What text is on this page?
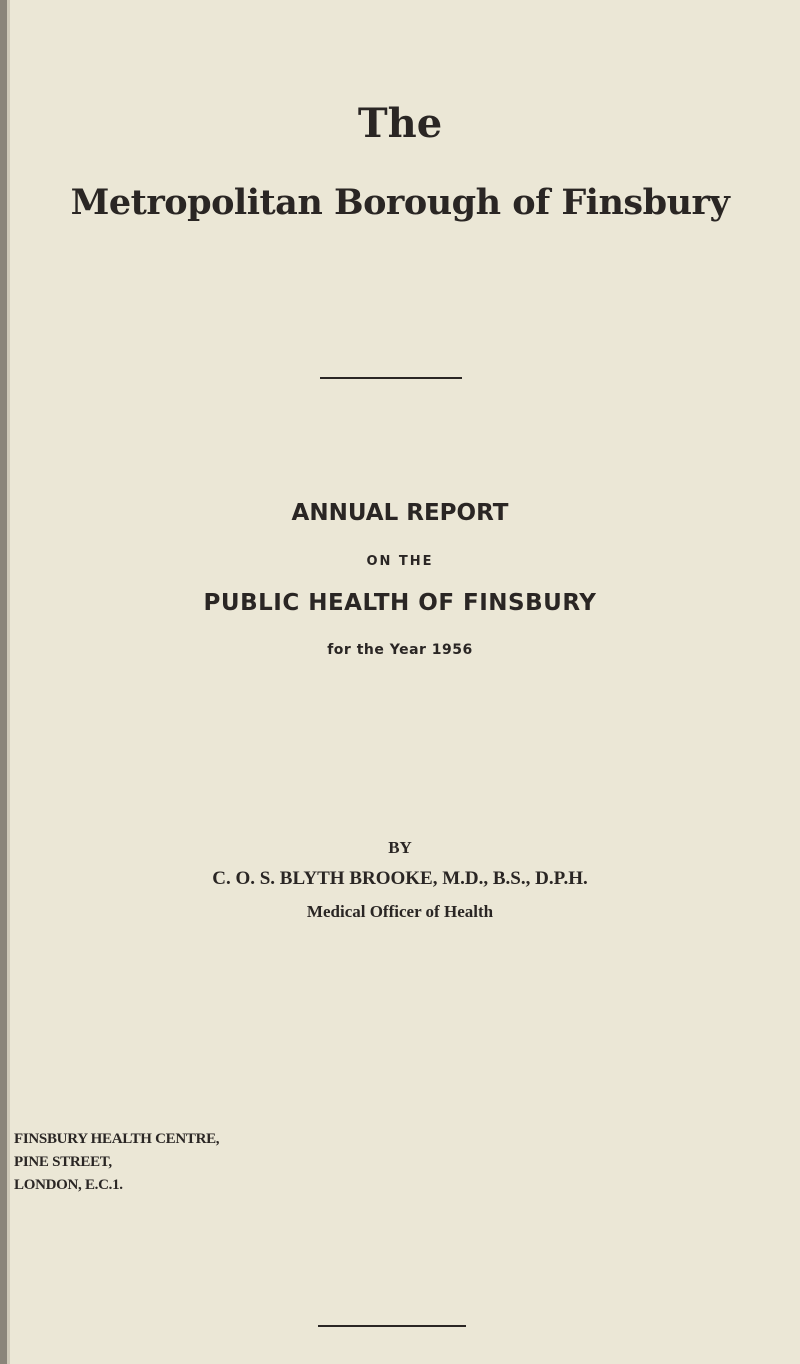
The
Metropolitan Borough of Finsbury
ANNUAL REPORT
ON THE
PUBLIC HEALTH OF FINSBURY
for the Year 1956
BY
C. O. S. BLYTH BROOKE, M.D., B.S., D.P.H.
Medical Officer of Health
FINSBURY HEALTH CENTRE,
PINE STREET,
LONDON, E.C.1.
